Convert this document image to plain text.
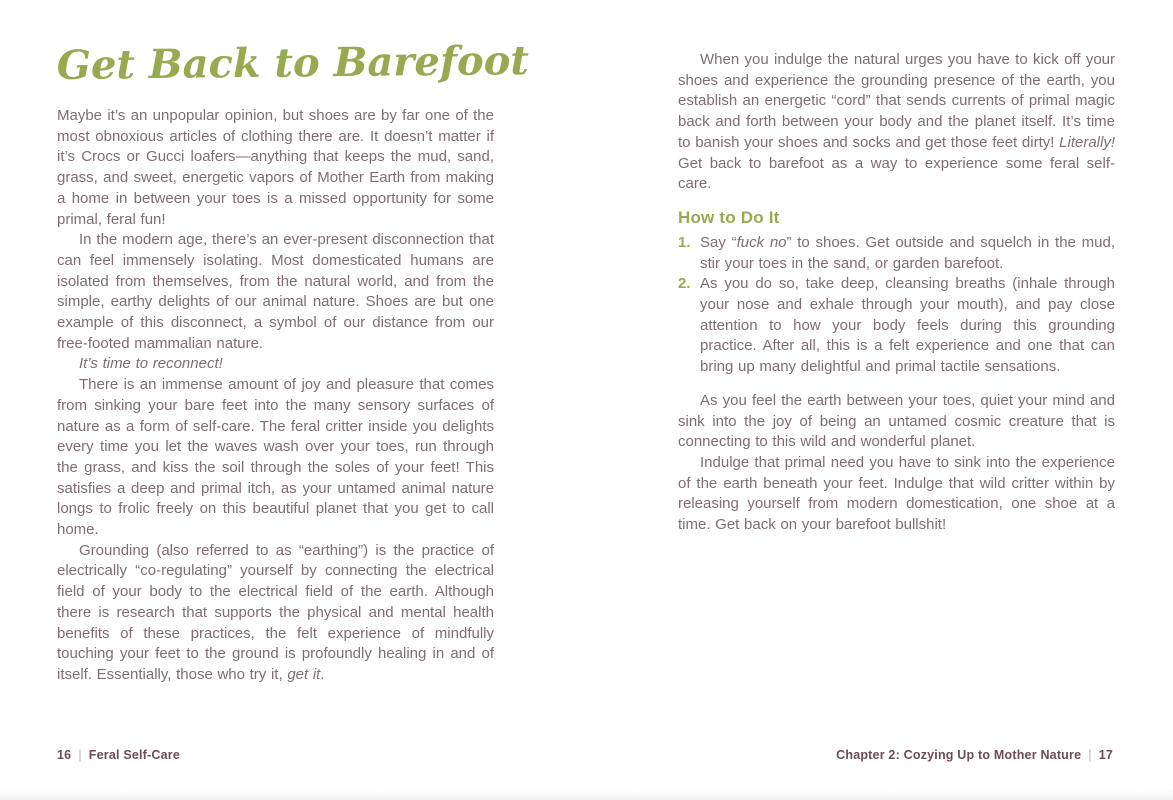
Get Back to Barefoot

Maybe it’s an unpopular opinion, but shoes are by far one of the most obnoxious articles of clothing there are. It doesn’t matter if it’s Crocs or Gucci loafers—anything that keeps the mud, sand, grass, and sweet, energetic vapors of Mother Earth from making a home in between your toes is a missed opportunity for some primal, feral fun!

In the modern age, there’s an ever-present disconnection that can feel immensely isolating. Most domesticated humans are isolated from themselves, from the natural world, and from the simple, earthy delights of our animal nature. Shoes are but one example of this disconnect, a symbol of our distance from our free-footed mammalian nature.

It’s time to reconnect!

There is an immense amount of joy and pleasure that comes from sinking your bare feet into the many sensory surfaces of nature as a form of self-care. The feral critter inside you delights every time you let the waves wash over your toes, run through the grass, and kiss the soil through the soles of your feet! This satisfies a deep and primal itch, as your untamed animal nature longs to frolic freely on this beautiful planet that you get to call home.

Grounding (also referred to as “earthing”) is the practice of electrically “co-regulating” yourself by connecting the electrical field of your body to the electrical field of the earth. Although there is research that supports the physical and mental health benefits of these practices, the felt experience of mindfully touching your feet to the ground is profoundly healing in and of itself. Essentially, those who try it, get it.

When you indulge the natural urges you have to kick off your shoes and experience the grounding presence of the earth, you establish an energetic “cord” that sends currents of primal magic back and forth between your body and the planet itself. It’s time to banish your shoes and socks and get those feet dirty! Literally! Get back to barefoot as a way to experience some feral self-care.

How to Do It
1. Say “fuck no” to shoes. Get outside and squelch in the mud, stir your toes in the sand, or garden barefoot.
2. As you do so, take deep, cleansing breaths (inhale through your nose and exhale through your mouth), and pay close attention to how your body feels during this grounding practice. After all, this is a felt experience and one that can bring up many delightful and primal tactile sensations.

As you feel the earth between your toes, quiet your mind and sink into the joy of being an untamed cosmic creature that is connecting to this wild and wonderful planet.

Indulge that primal need you have to sink into the experience of the earth beneath your feet. Indulge that wild critter within by releasing yourself from modern domestication, one shoe at a time. Get back on your barefoot bullshit!

16 | Feral Self-Care	Chapter 2: Cozying Up to Mother Nature | 17
